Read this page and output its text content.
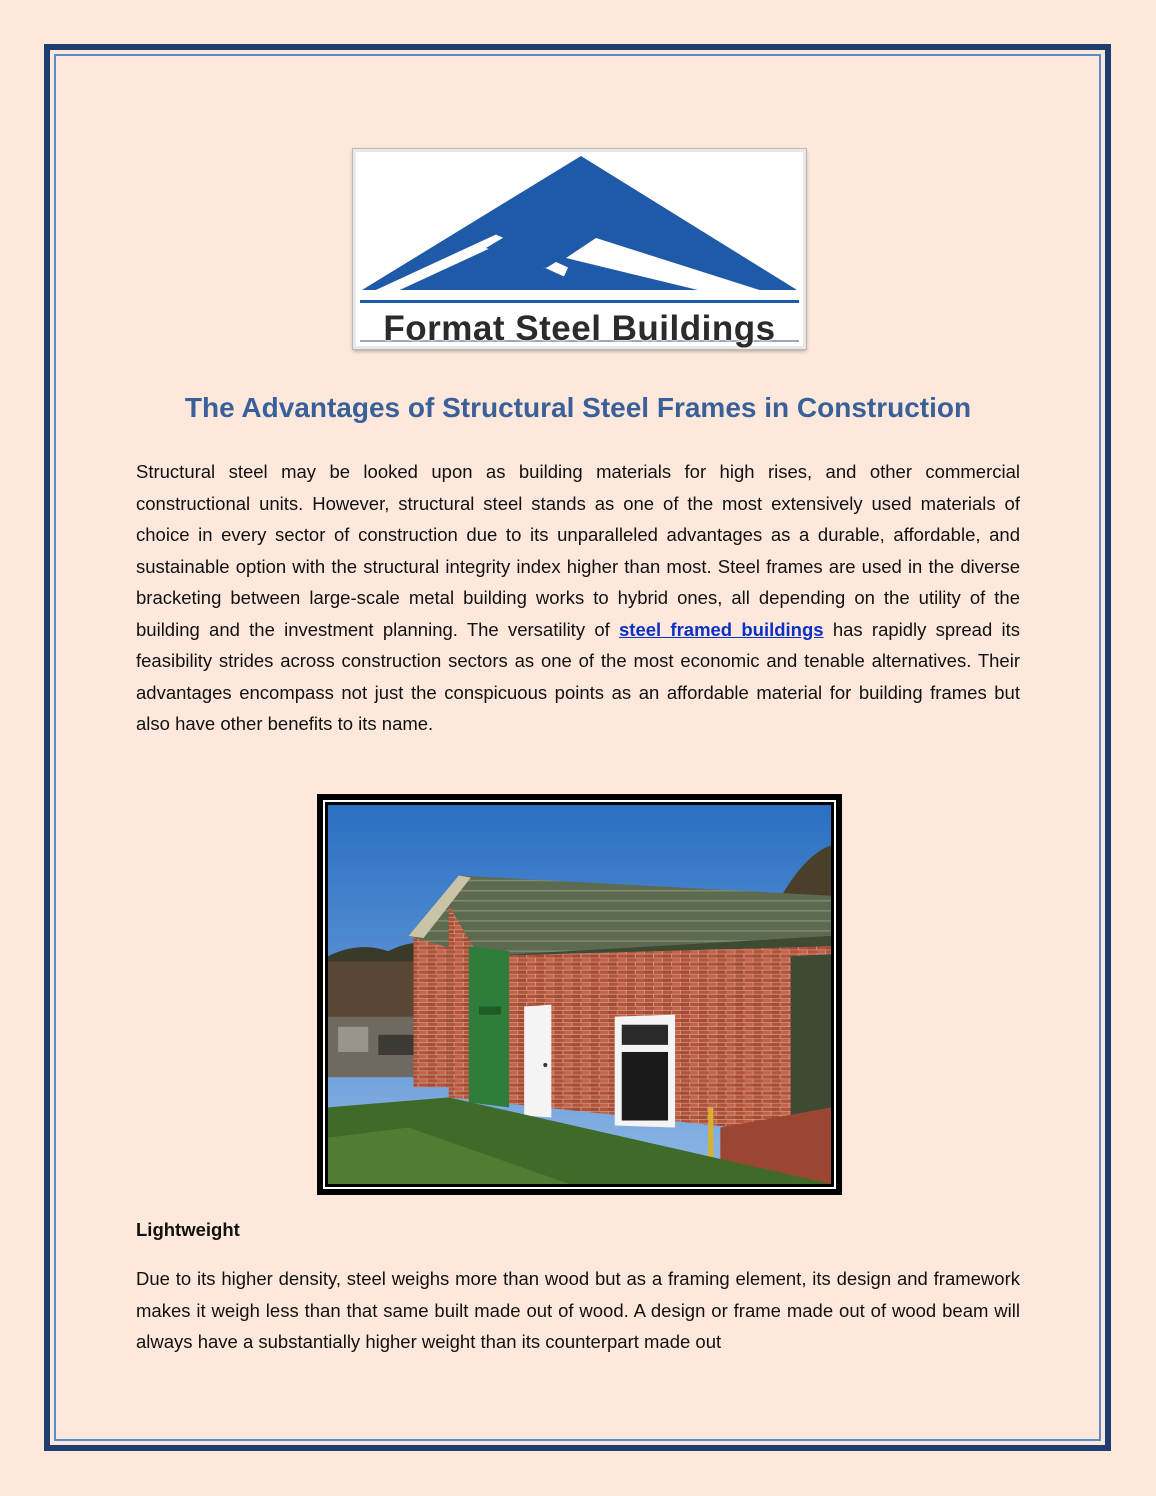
Format Steel Buildings
The Advantages of Structural Steel Frames in Construction

Structural steel may be looked upon as building materials for high rises, and other commercial constructional units. However, structural steel stands as one of the most extensively used materials of choice in every sector of construction due to its unparalleled advantages as a durable, affordable, and sustainable option with the structural integrity index higher than most. Steel frames are used in the diverse bracketing between large-scale metal building works to hybrid ones, all depending on the utility of the building and the investment planning. The versatility of steel framed buildings has rapidly spread its feasibility strides across construction sectors as one of the most economic and tenable alternatives. Their advantages encompass not just the conspicuous points as an affordable material for building frames but also have other benefits to its name.

Lightweight

Due to its higher density, steel weighs more than wood but as a framing element, its design and framework makes it weigh less than that same built made out of wood. A design or frame made out of wood beam will always have a substantially higher weight than its counterpart made out
